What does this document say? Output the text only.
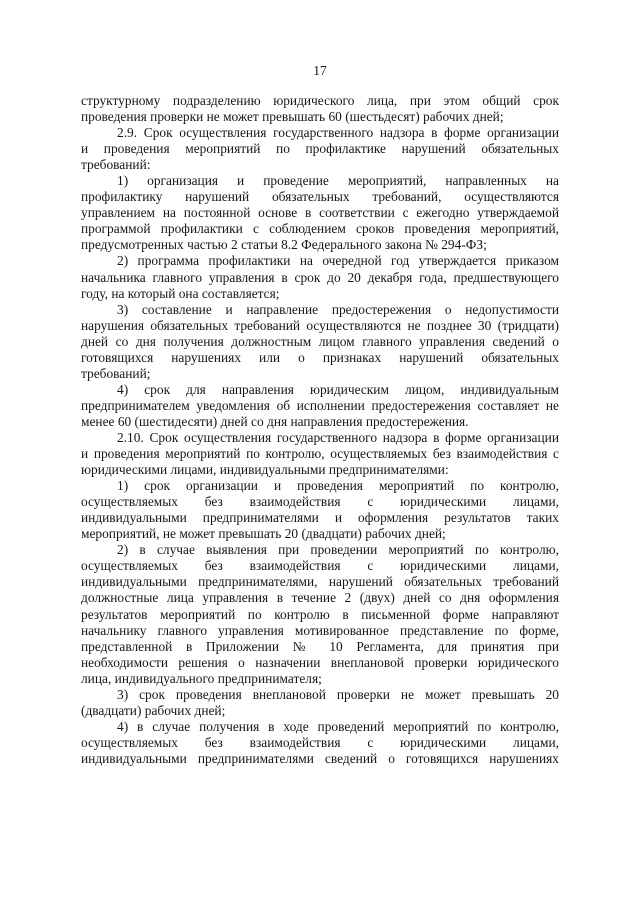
17
структурному подразделению юридического лица, при этом общий срок
проведения проверки не может превышать 60 (шестьдесят) рабочих дней;
2.9. Срок осуществления государственного надзора в форме организации
и проведения мероприятий по профилактике нарушений обязательных
требований:
1) организация и проведение мероприятий, направленных на
профилактику нарушений обязательных требований, осуществляются
управлением на постоянной основе в соответствии с ежегодно утверждаемой
программой профилактики с соблюдением сроков проведения мероприятий,
предусмотренных частью 2 статьи 8.2 Федерального закона № 294-ФЗ;
2) программа профилактики на очередной год утверждается приказом
начальника главного управления в срок до 20 декабря года, предшествующего
году, на который она составляется;
3) составление и направление предостережения о недопустимости
нарушения обязательных требований осуществляются не позднее 30 (тридцати)
дней со дня получения должностным лицом главного управления сведений о
готовящихся нарушениях или о признаках нарушений обязательных
требований;
4) срок для направления юридическим лицом, индивидуальным
предпринимателем уведомления об исполнении предостережения составляет не
менее 60 (шестидесяти) дней со дня направления предостережения.
2.10. Срок осуществления государственного надзора в форме организации
и проведения мероприятий по контролю, осуществляемых без взаимодействия с
юридическими лицами, индивидуальными предпринимателями:
1) срок организации и проведения мероприятий по контролю,
осуществляемых без взаимодействия с юридическими лицами,
индивидуальными предпринимателями и оформления результатов таких
мероприятий, не может превышать 20 (двадцати) рабочих дней;
2) в случае выявления при проведении мероприятий по контролю,
осуществляемых без взаимодействия с юридическими лицами,
индивидуальными предпринимателями, нарушений обязательных требований
должностные лица управления в течение 2 (двух) дней со дня оформления
результатов мероприятий по контролю в письменной форме направляют
начальнику главного управления мотивированное представление по форме,
представленной в Приложении № 10 Регламента, для принятия при
необходимости решения о назначении внеплановой проверки юридического
лица, индивидуального предпринимателя;
3) срок проведения внеплановой проверки не может превышать 20
(двадцати) рабочих дней;
4) в случае получения в ходе проведений мероприятий по контролю,
осуществляемых без взаимодействия с юридическими лицами,
индивидуальными предпринимателями сведений о готовящихся нарушениях
